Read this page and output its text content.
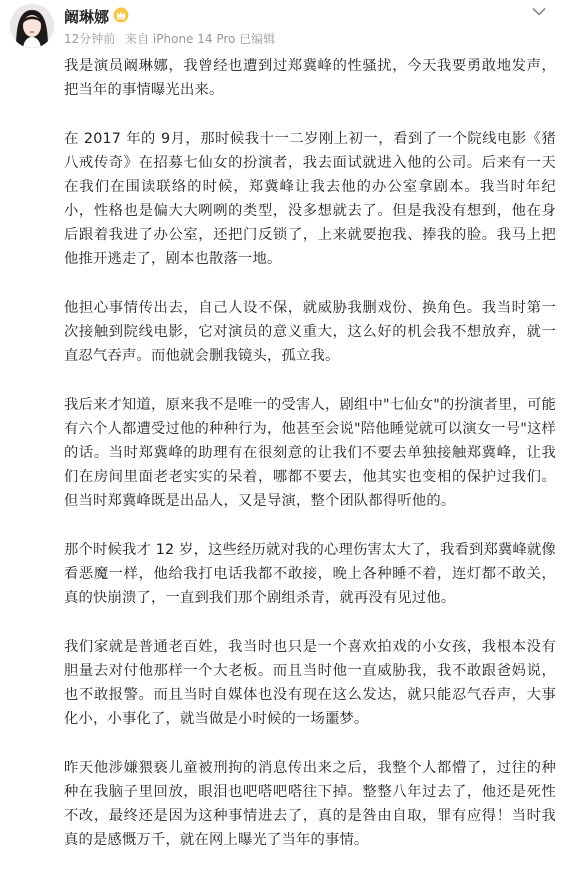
阚琳娜
12分钟前 来自 iPhone 14 Pro 已编辑

我是演员阚琳娜，我曾经也遭到过郑冀峰的性骚扰，今天我要勇敢地发声，把当年的事情曝光出来。

在 2017 年的 9月，那时候我十一二岁刚上初一，看到了一个院线电影《猪八戒传奇》在招募七仙女的扮演者，我去面试就进入他的公司。后来有一天在我们在围读联络的时候，郑冀峰让我去他的办公室拿剧本。我当时年纪小，性格也是偏大大咧咧的类型，没多想就去了。但是我没有想到，他在身后跟着我进了办公室，还把门反锁了，上来就要抱我、捧我的脸。我马上把他推开逃走了，剧本也散落一地。

他担心事情传出去，自己人设不保，就威胁我删戏份、换角色。我当时第一次接触到院线电影，它对演员的意义重大，这么好的机会我不想放弃，就一直忍气吞声。而他就会删我镜头，孤立我。

我后来才知道，原来我不是唯一的受害人，剧组中"七仙女"的扮演者里，可能有六个人都遭受过他的种种行为，他甚至会说"陪他睡觉就可以演女一号"这样的话。当时郑冀峰的助理有在很刻意的让我们不要去单独接触郑冀峰，让我们在房间里面老老实实的呆着，哪都不要去，他其实也变相的保护过我们。但当时郑冀峰既是出品人，又是导演，整个团队都得听他的。

那个时候我才 12 岁，这些经历就对我的心理伤害太大了，我看到郑冀峰就像看恶魔一样，他给我打电话我都不敢接，晚上各种睡不着，连灯都不敢关，真的快崩溃了，一直到我们那个剧组杀青，就再没有见过他。

我们家就是普通老百姓，我当时也只是一个喜欢拍戏的小女孩，我根本没有胆量去对付他那样一个大老板。而且当时他一直威胁我，我不敢跟爸妈说，也不敢报警。而且当时自媒体也没有现在这么发达，就只能忍气吞声，大事化小，小事化了，就当做是小时候的一场噩梦。

昨天他涉嫌猥亵儿童被刑拘的消息传出来之后，我整个人都懵了，过往的种种在我脑子里回放，眼泪也吧嗒吧嗒往下掉。整整八年过去了，他还是死性不改，最终还是因为这种事情进去了，真的是咎由自取，罪有应得！当时我真的是感慨万千，就在网上曝光了当年的事情。
